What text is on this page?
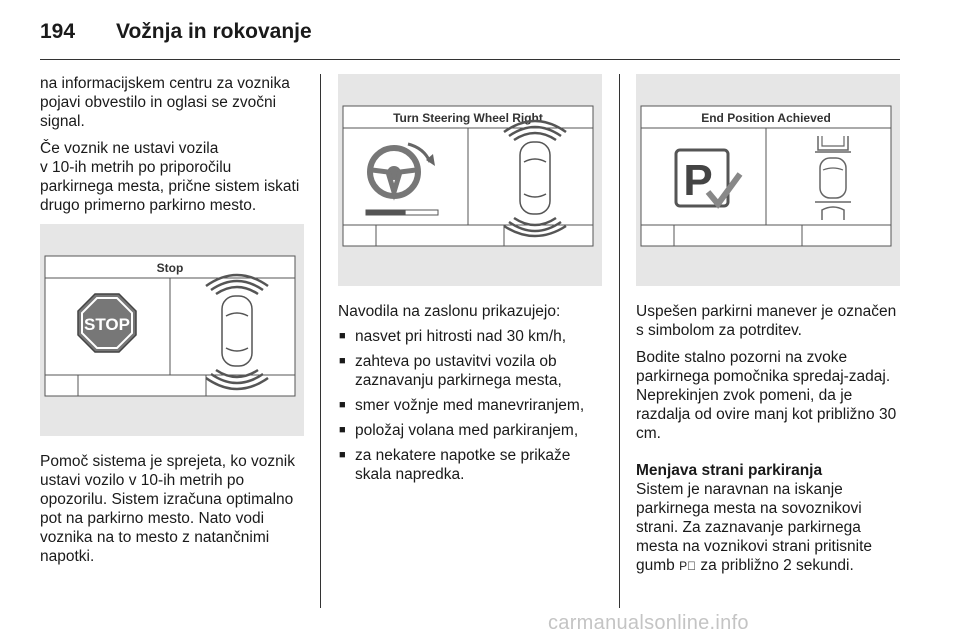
194 Vožnja in rokovanje

na informacijskem centru za voznika pojavi obvestilo in oglasi se zvočni signal.

Če voznik ne ustavi vozila
v 10-ih metrih po priporočilu
parkirnega mesta, prične sistem iskati drugo primerno parkirno mesto.

Stop
STOP

Pomoč sistema je sprejeta, ko voznik ustavi vozilo v 10-ih metrih po opozorilu. Sistem izračuna optimalno pot na parkirno mesto. Nato vodi voznika na to mesto z natančnimi napotki.

Turn Steering Wheel Right

Navodila na zaslonu prikazujejo:

■ nasvet pri hitrosti nad 30 km/h,
■ zahteva po ustavitvi vozila ob zaznavanju parkirnega mesta,
■ smer vožnje med manevriranjem,
■ položaj volana med parkiranjem,
■ za nekatere napotke se prikaže skala napredka.
End Position Achieved
P

Uspešen parkirni manever je označen s simbolom za potrditev.

Bodite stalno pozorni na zvoke parkirnega pomočnika spredaj-zadaj. Neprekinjen zvok pomeni, da je razdalja od ovire manj kot približno 30 cm.

Menjava strani parkiranja

Sistem je naravnan na iskanje parkirnega mesta na sovoznikovi strani. Za zaznavanje parkirnega mesta na voznikovi strani pritisnite gumb P⃞ za približno 2 sekundi.

carmanualsonline.info
